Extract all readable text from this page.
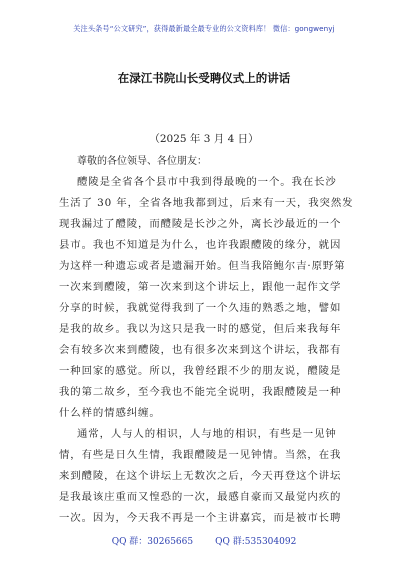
关注头条号“公文研究”，获得最新最全最专业的公文资料库！ 微信：gongwenyj
在渌江书院山长受聘仪式上的讲话
（2025 年 3 月 4 日）
尊敬的各位领导、各位朋友：
醴陵是全省各个县市中我到得最晚的一个。我在长沙
生活了 30 年，全省各地我都到过，后来有一天，我突然发
现我漏过了醴陵，而醴陵是长沙之外，离长沙最近的一个
县市。我也不知道是为什么，也许我跟醴陵的缘分，就因
为这样一种遗忘或者是遗漏开始。但当我陪鲍尔吉·原野第
一次来到醴陵，第一次来到这个讲坛上，跟他一起作文学
分享的时候，我就觉得我到了一个久违的熟悉之地，譬如
是我的故乡。我以为这只是我一时的感觉，但后来我每年
会有较多次来到醴陵，也有很多次来到这个讲坛，我都有
一种回家的感觉。所以，我曾经跟不少的朋友说，醴陵是
我的第二故乡，至今我也不能完全说明，我跟醴陵是一种
什么样的情感纠缠。
通常，人与人的相识，人与地的相识，有些是一见钟
情，有些是日久生情，我跟醴陵是一见钟情。当然，在我
来到醴陵，在这个讲坛上无数次之后，今天再登这个讲坛
是我最该庄重而又惶恐的一次，最感自豪而又最觉内疚的
一次。因为，今天我不再是一个主讲嘉宾，而是被市长聘
QQ 群：30265665 QQ 群:535304092
